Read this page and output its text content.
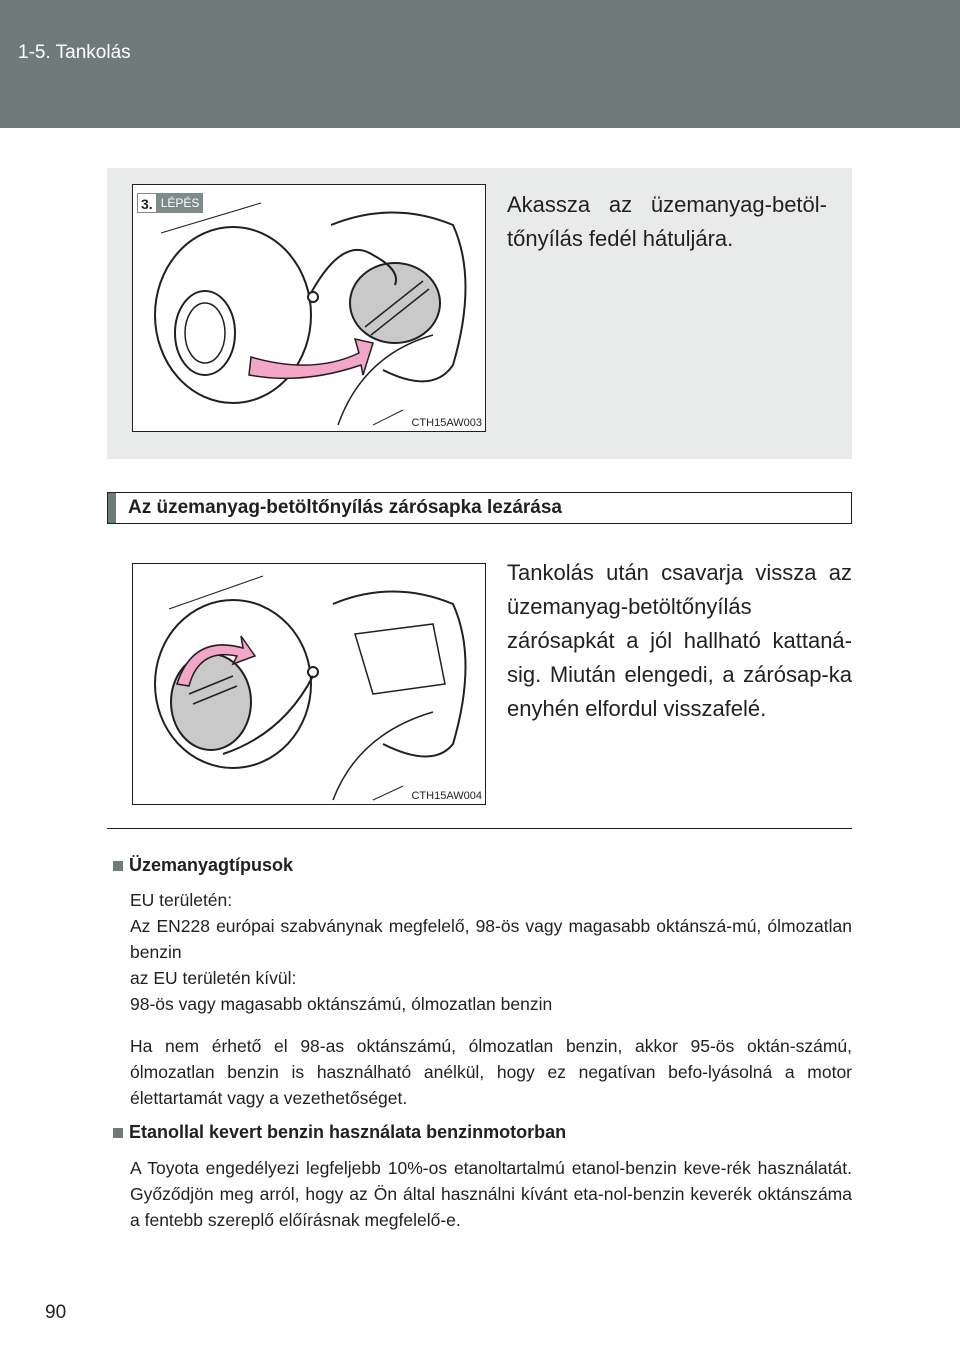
1-5. Tankolás
3. LÉPÉS
CTH15AW003
Akassza az üzemanyag-betöl-tőnyílás fedél hátuljára.
Az üzemanyag-betöltőnyílás zárósapka lezárása
CTH15AW004
Tankolás után csavarja vissza az üzemanyag-betöltőnyílás zárósapkát a jól hallható kattaná-sig. Miután elengedi, a zárósap-ka enyhén elfordul visszafelé.
Üzemanyagtípusok
EU területén:
Az EN228 európai szabványnak megfelelő, 98-ös vagy magasabb oktánszá-mú, ólmozatlan benzin
az EU területén kívül:
98-ös vagy magasabb oktánszámú, ólmozatlan benzin
Ha nem érhető el 98-as oktánszámú, ólmozatlan benzin, akkor 95-ös oktán-számú, ólmozatlan benzin is használható anélkül, hogy ez negatívan befo-lyásolná a motor élettartamát vagy a vezethetőséget.
Etanollal kevert benzin használata benzinmotorban
A Toyota engedélyezi legfeljebb 10%-os etanoltartalmú etanol-benzin keve-rék használatát. Győződjön meg arról, hogy az Ön által használni kívánt eta-nol-benzin keverék oktánszáma a fentebb szereplő előírásnak megfelelő-e.
90
